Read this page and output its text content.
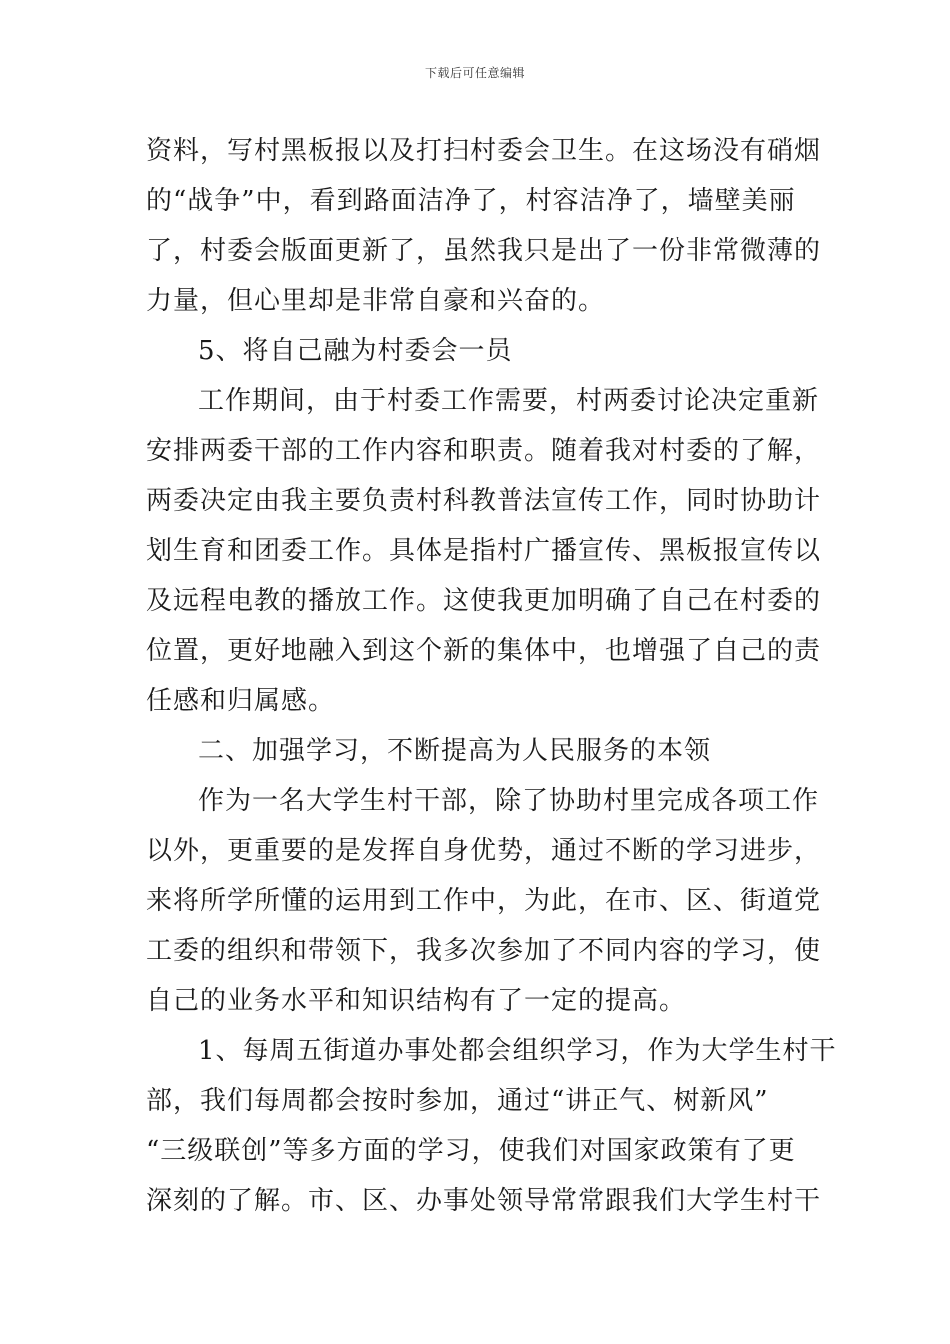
下载后可任意编辑
资料，写村黑板报以及打扫村委会卫生。在这场没有硝烟
的“战争”中，看到路面洁净了，村容洁净了，墙壁美丽
了，村委会版面更新了，虽然我只是出了一份非常微薄的
力量，但心里却是非常自豪和兴奋的。
5、将自己融为村委会一员
工作期间，由于村委工作需要，村两委讨论决定重新
安排两委干部的工作内容和职责。随着我对村委的了解，
两委决定由我主要负责村科教普法宣传工作，同时协助计
划生育和团委工作。具体是指村广播宣传、黑板报宣传以
及远程电教的播放工作。这使我更加明确了自己在村委的
位置，更好地融入到这个新的集体中，也增强了自己的责
任感和归属感。
二、加强学习，不断提高为人民服务的本领
作为一名大学生村干部，除了协助村里完成各项工作
以外，更重要的是发挥自身优势，通过不断的学习进步，
来将所学所懂的运用到工作中，为此，在市、区、街道党
工委的组织和带领下，我多次参加了不同内容的学习，使
自己的业务水平和知识结构有了一定的提高。
1、每周五街道办事处都会组织学习，作为大学生村干
部，我们每周都会按时参加，通过“讲正气、树新风”
“三级联创”等多方面的学习，使我们对国家政策有了更
深刻的了解。市、区、办事处领导常常跟我们大学生村干
